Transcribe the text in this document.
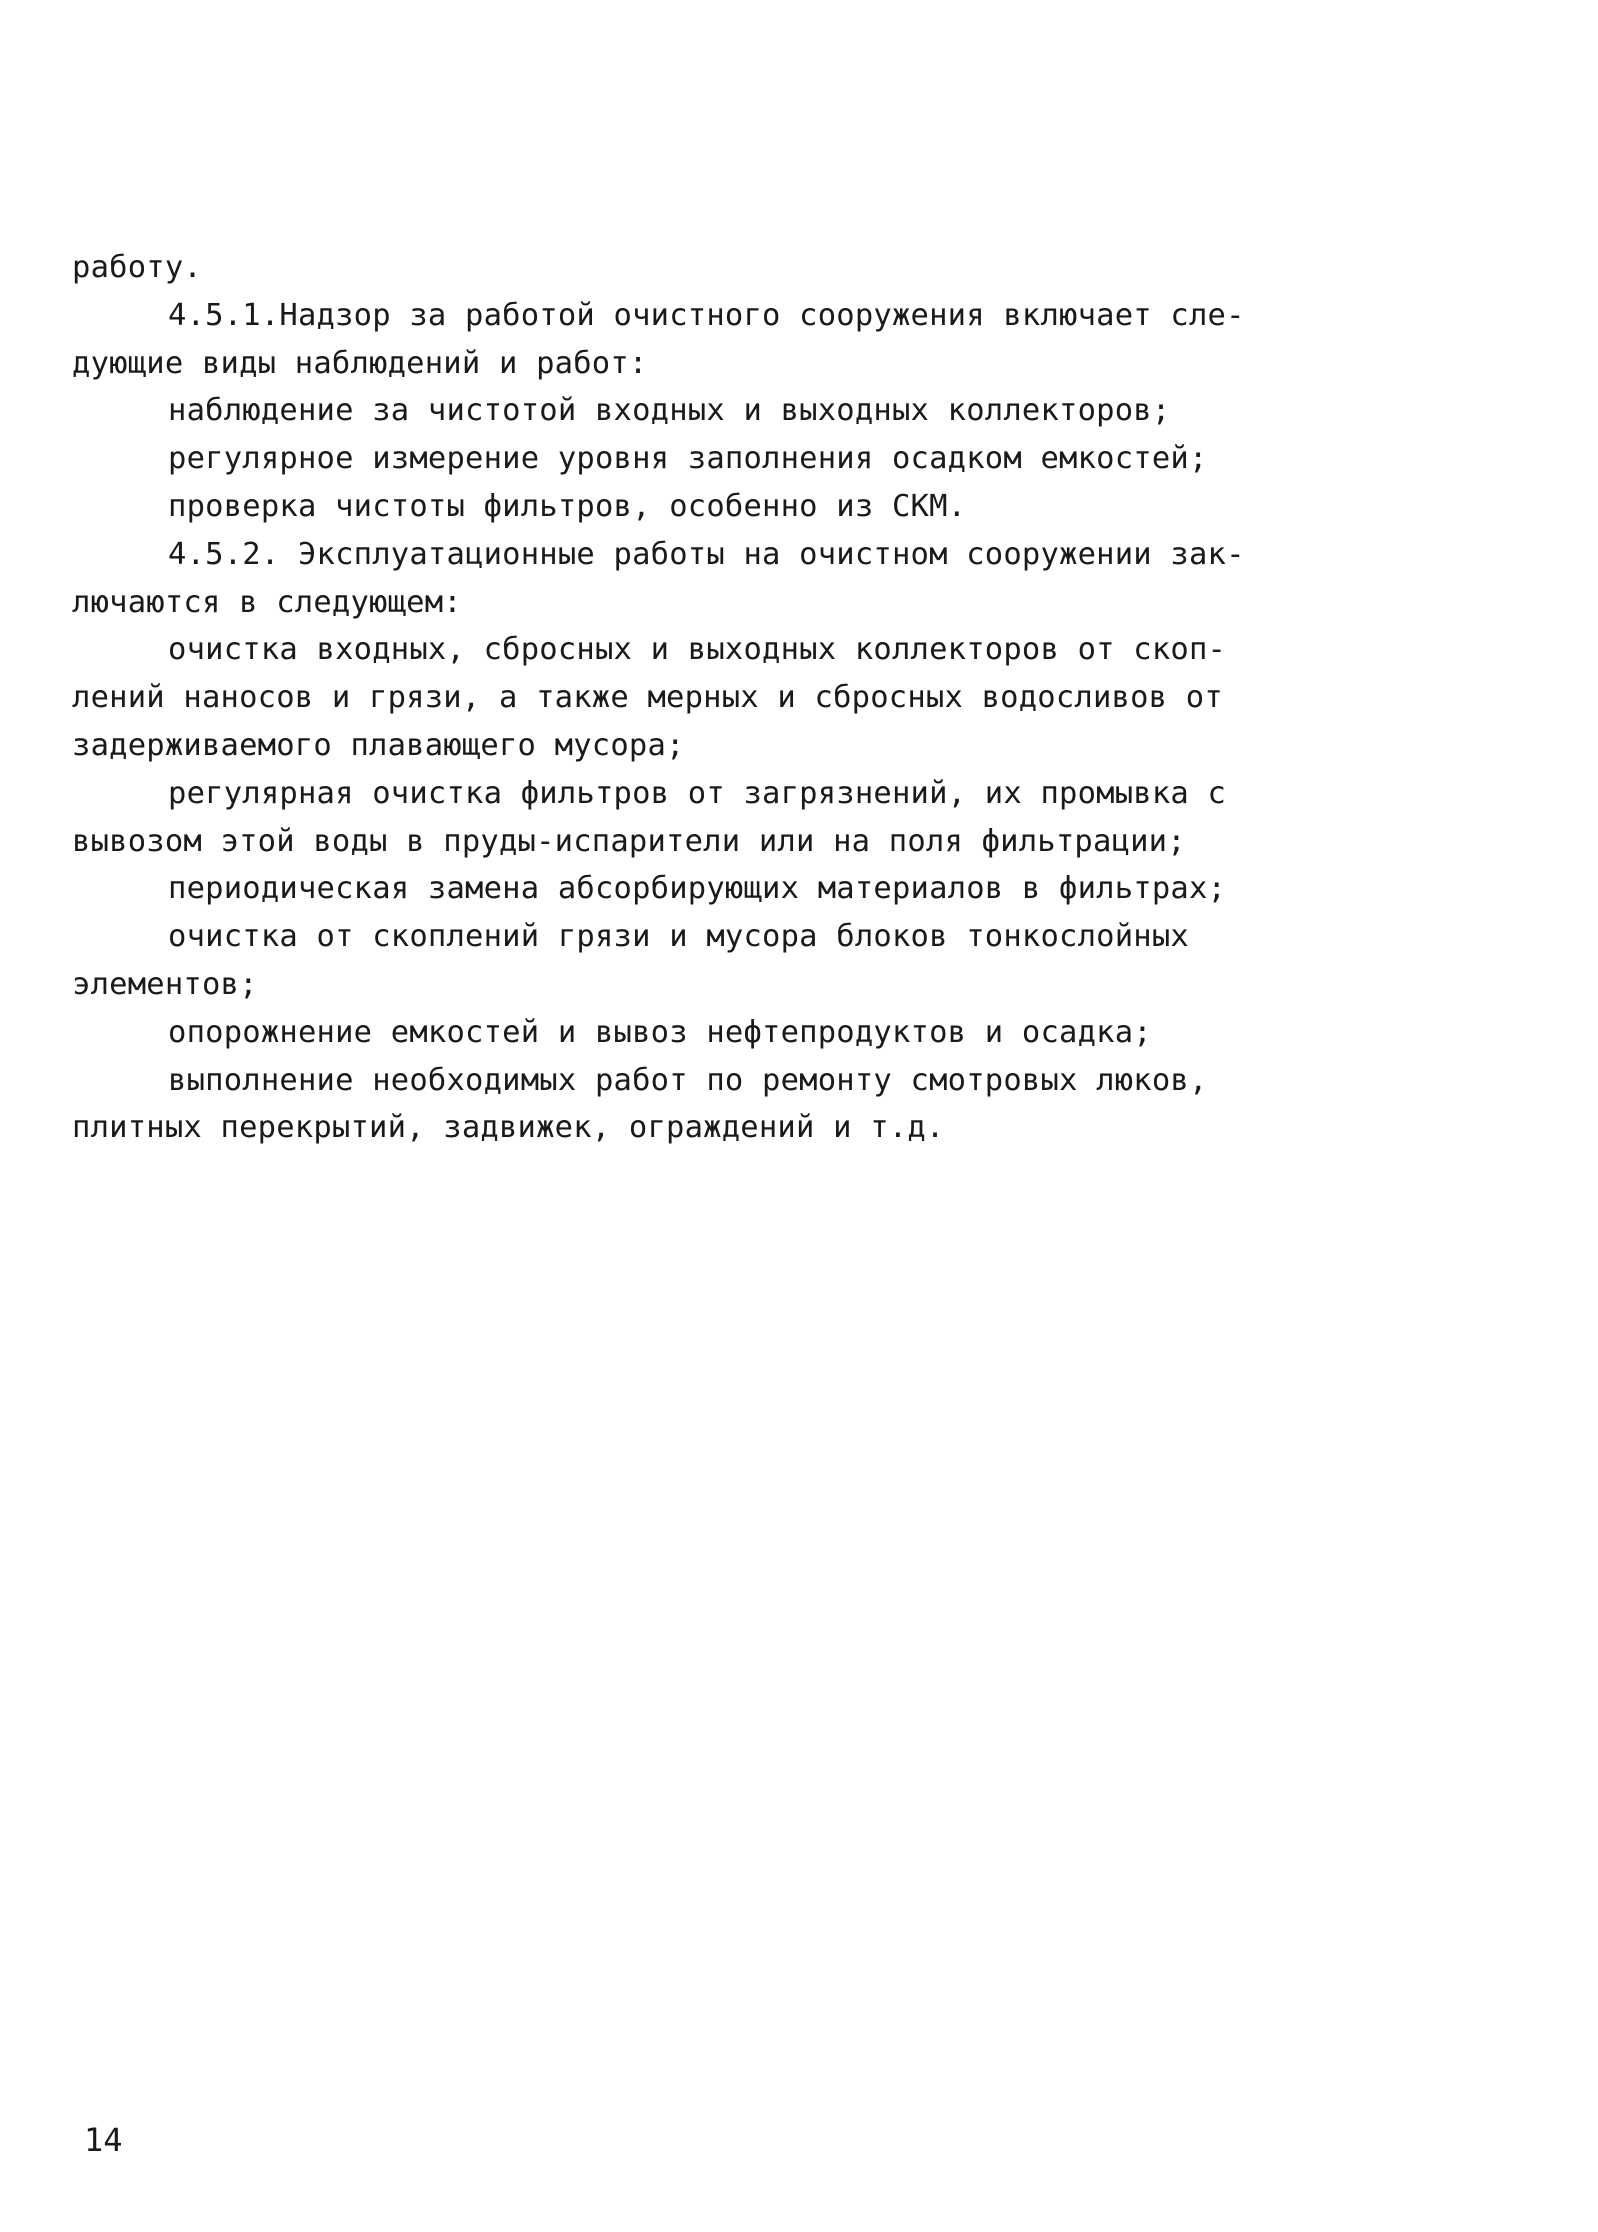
работу.
4.5.1.Надзор за работой очистного сооружения включает сле-
дующие виды наблюдений и работ:
наблюдение за чистотой входных и выходных коллекторов;
регулярное измерение уровня заполнения осадком емкостей;
проверка чистоты фильтров, особенно из СКМ.
4.5.2. Эксплуатационные работы на очистном сооружении зак-
лючаются в следующем:
очистка входных, сбросных и выходных коллекторов от скоп-
лений наносов и грязи, а также мерных и сбросных водосливов от
задерживаемого плавающего мусора;
регулярная очистка фильтров от загрязнений, их промывка с
вывозом этой воды в пруды-испарители или на поля фильтрации;
периодическая замена абсорбирующих материалов в фильтрах;
очистка от скоплений грязи и мусора блоков тонкослойных
элементов;
опорожнение емкостей и вывоз нефтепродуктов и осадка;
выполнение необходимых работ по ремонту смотровых люков,
плитных перекрытий, задвижек, ограждений и т.д.
14
